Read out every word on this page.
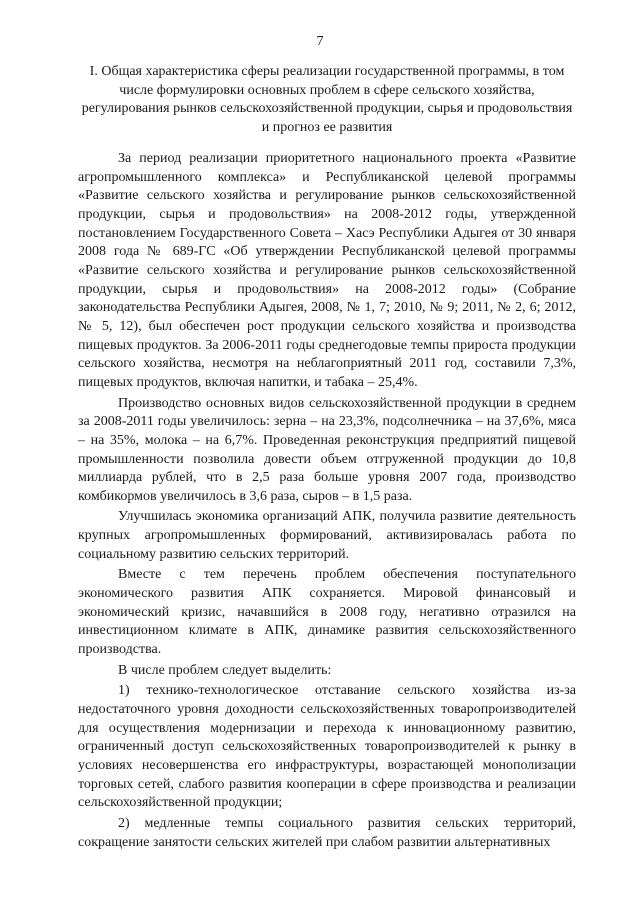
7
I. Общая характеристика сферы реализации государственной программы, в том числе формулировки основных проблем в сфере сельского хозяйства, регулирования рынков сельскохозяйственной продукции, сырья и продовольствия и прогноз ее развития

За период реализации приоритетного национального проекта «Развитие агропромышленного комплекса» и Республиканской целевой программы «Развитие сельского хозяйства и регулирование рынков сельскохозяйственной продукции, сырья и продовольствия» на 2008-2012 годы, утвержденной постановлением Государственного Совета – Хасэ Республики Адыгея от 30 января 2008 года № 689-ГС «Об утверждении Республиканской целевой программы «Развитие сельского хозяйства и регулирование рынков сельскохозяйственной продукции, сырья и продовольствия» на 2008-2012 годы» (Собрание законодательства Республики Адыгея, 2008, № 1, 7; 2010, № 9; 2011, № 2, 6; 2012, № 5, 12), был обеспечен рост продукции сельского хозяйства и производства пищевых продуктов. За 2006-2011 годы среднегодовые темпы прироста продукции сельского хозяйства, несмотря на неблагоприятный 2011 год, составили 7,3%, пищевых продуктов, включая напитки, и табака – 25,4%.

Производство основных видов сельскохозяйственной продукции в среднем за 2008-2011 годы увеличилось: зерна – на 23,3%, подсолнечника – на 37,6%, мяса – на 35%, молока – на 6,7%. Проведенная реконструкция предприятий пищевой промышленности позволила довести объем отгруженной продукции до 10,8 миллиарда рублей, что в 2,5 раза больше уровня 2007 года, производство комбикормов увеличилось в 3,6 раза, сыров – в 1,5 раза.

Улучшилась экономика организаций АПК, получила развитие деятельность крупных агропромышленных формирований, активизировалась работа по социальному развитию сельских территорий.

Вместе с тем перечень проблем обеспечения поступательного экономического развития АПК сохраняется. Мировой финансовый и экономический кризис, начавшийся в 2008 году, негативно отразился на инвестиционном климате в АПК, динамике развития сельскохозяйственного производства.

В числе проблем следует выделить:

1) технико-технологическое отставание сельского хозяйства из-за недостаточного уровня доходности сельскохозяйственных товаропроизводителей для осуществления модернизации и перехода к инновационному развитию, ограниченный доступ сельскохозяйственных товаропроизводителей к рынку в условиях несовершенства его инфраструктуры, возрастающей монополизации торговых сетей, слабого развития кооперации в сфере производства и реализации сельскохозяйственной продукции;

2) медленные темпы социального развития сельских территорий, сокращение занятости сельских жителей при слабом развитии альтернативных
